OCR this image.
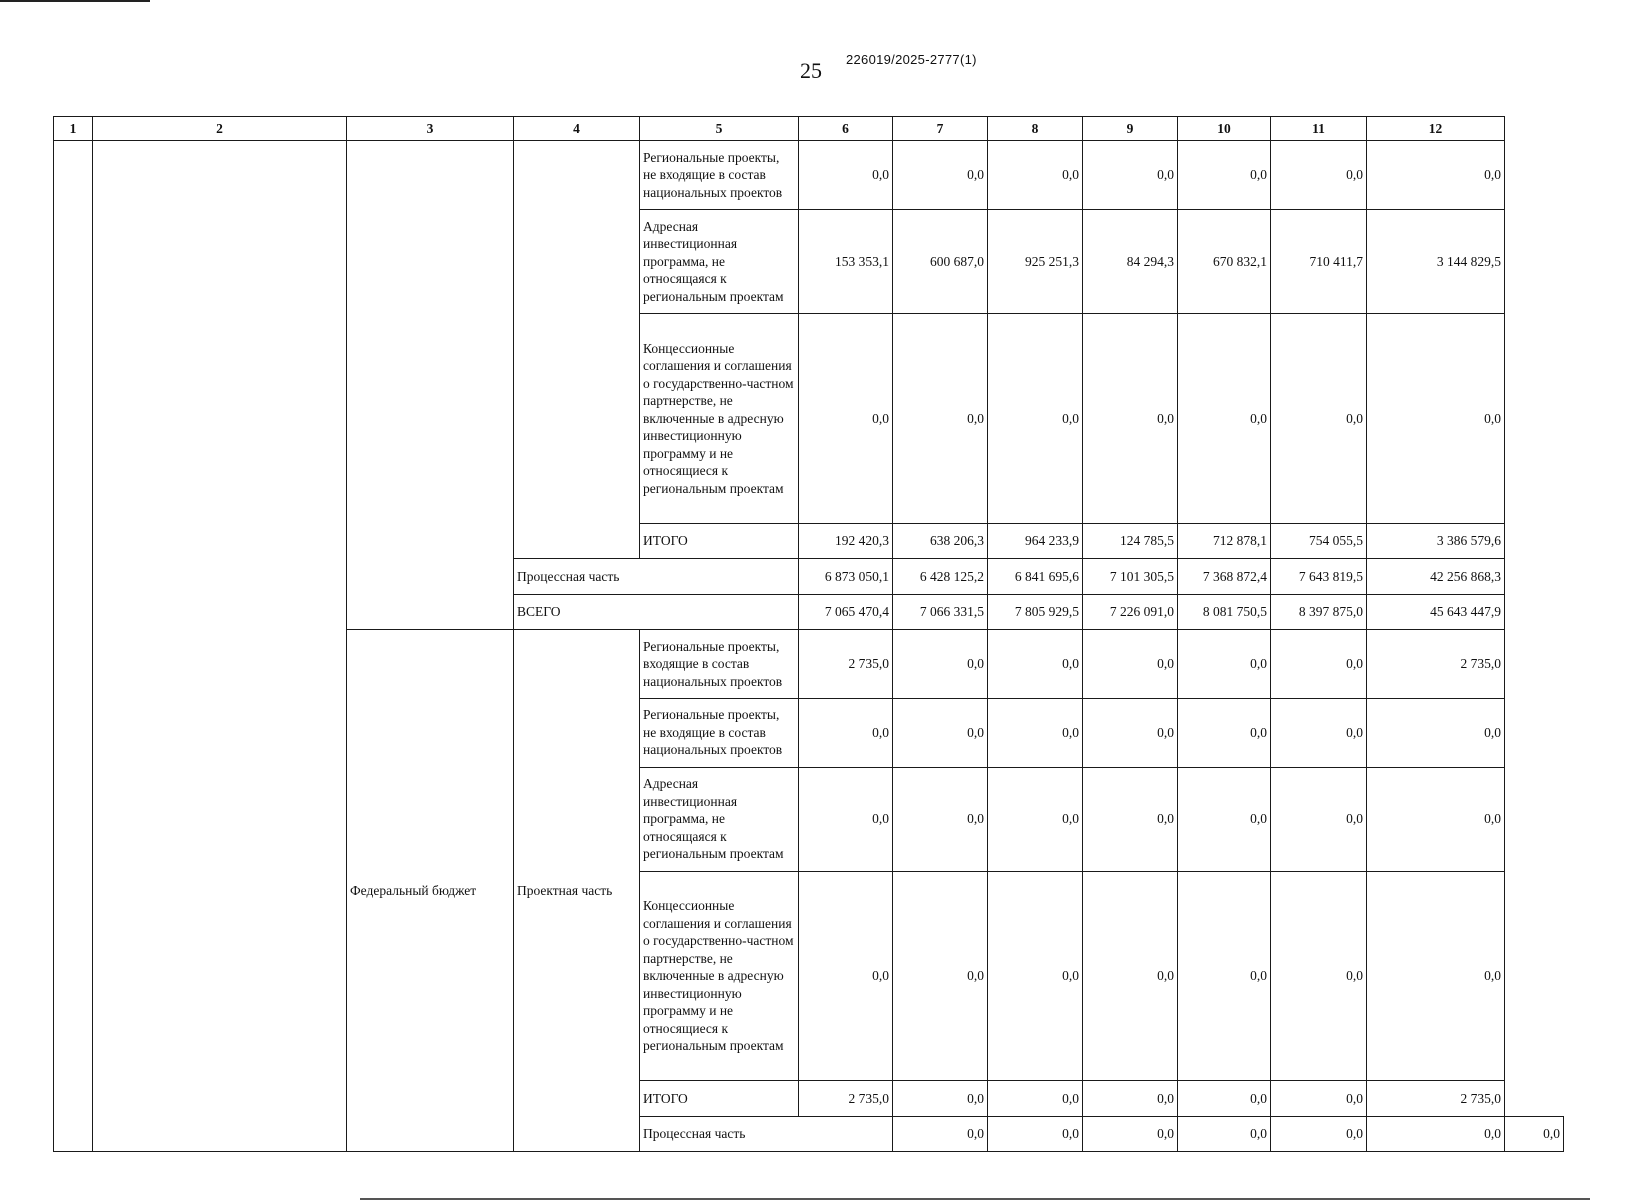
25 226019/2025-2777(1)
1	2	3	4	5	6	7	8	9	10	11	12	
				Региональные проекты, не входящие в состав национальных проектов	0,0	0,0	0,0	0,0	0,0	0,0	0,0	
				Адресная инвестиционная программа, не относящаяся к региональным проектам	153 353,1	600 687,0	925 251,3	84 294,3	670 832,1	710 411,7	3 144 829,5	
				Концессионные соглашения и соглашения о государственно-частном партнерстве, не включенные в адресную инвестиционную программу и не относящиеся к региональным проектам	0,0	0,0	0,0	0,0	0,0	0,0	0,0	
				ИТОГО	192 420,3	638 206,3	964 233,9	124 785,5	712 878,1	754 055,5	3 386 579,6	
			Процессная часть		6 873 050,1	6 428 125,2	6 841 695,6	7 101 305,5	7 368 872,4	7 643 819,5	42 256 868,3	
			ВСЕГО		7 065 470,4	7 066 331,5	7 805 929,5	7 226 091,0	8 081 750,5	8 397 875,0	45 643 447,9	
		Федеральный бюджет	Проектная часть	Региональные проекты, входящие в состав национальных проектов	2 735,0	0,0	0,0	0,0	0,0	0,0	2 735,0	
				Региональные проекты, не входящие в состав национальных проектов	0,0	0,0	0,0	0,0	0,0	0,0	0,0	
				Адресная инвестиционная программа, не относящаяся к региональным проектам	0,0	0,0	0,0	0,0	0,0	0,0	0,0	
				Концессионные соглашения и соглашения о государственно-частном партнерстве, не включенные в адресную инвестиционную программу и не относящиеся к региональным проектам	0,0	0,0	0,0	0,0	0,0	0,0	0,0	
				ИТОГО	2 735,0	0,0	0,0	0,0	0,0	0,0	2 735,0	
				Процессная часть		0,0	0,0	0,0	0,0	0,0	0,0	0,0
